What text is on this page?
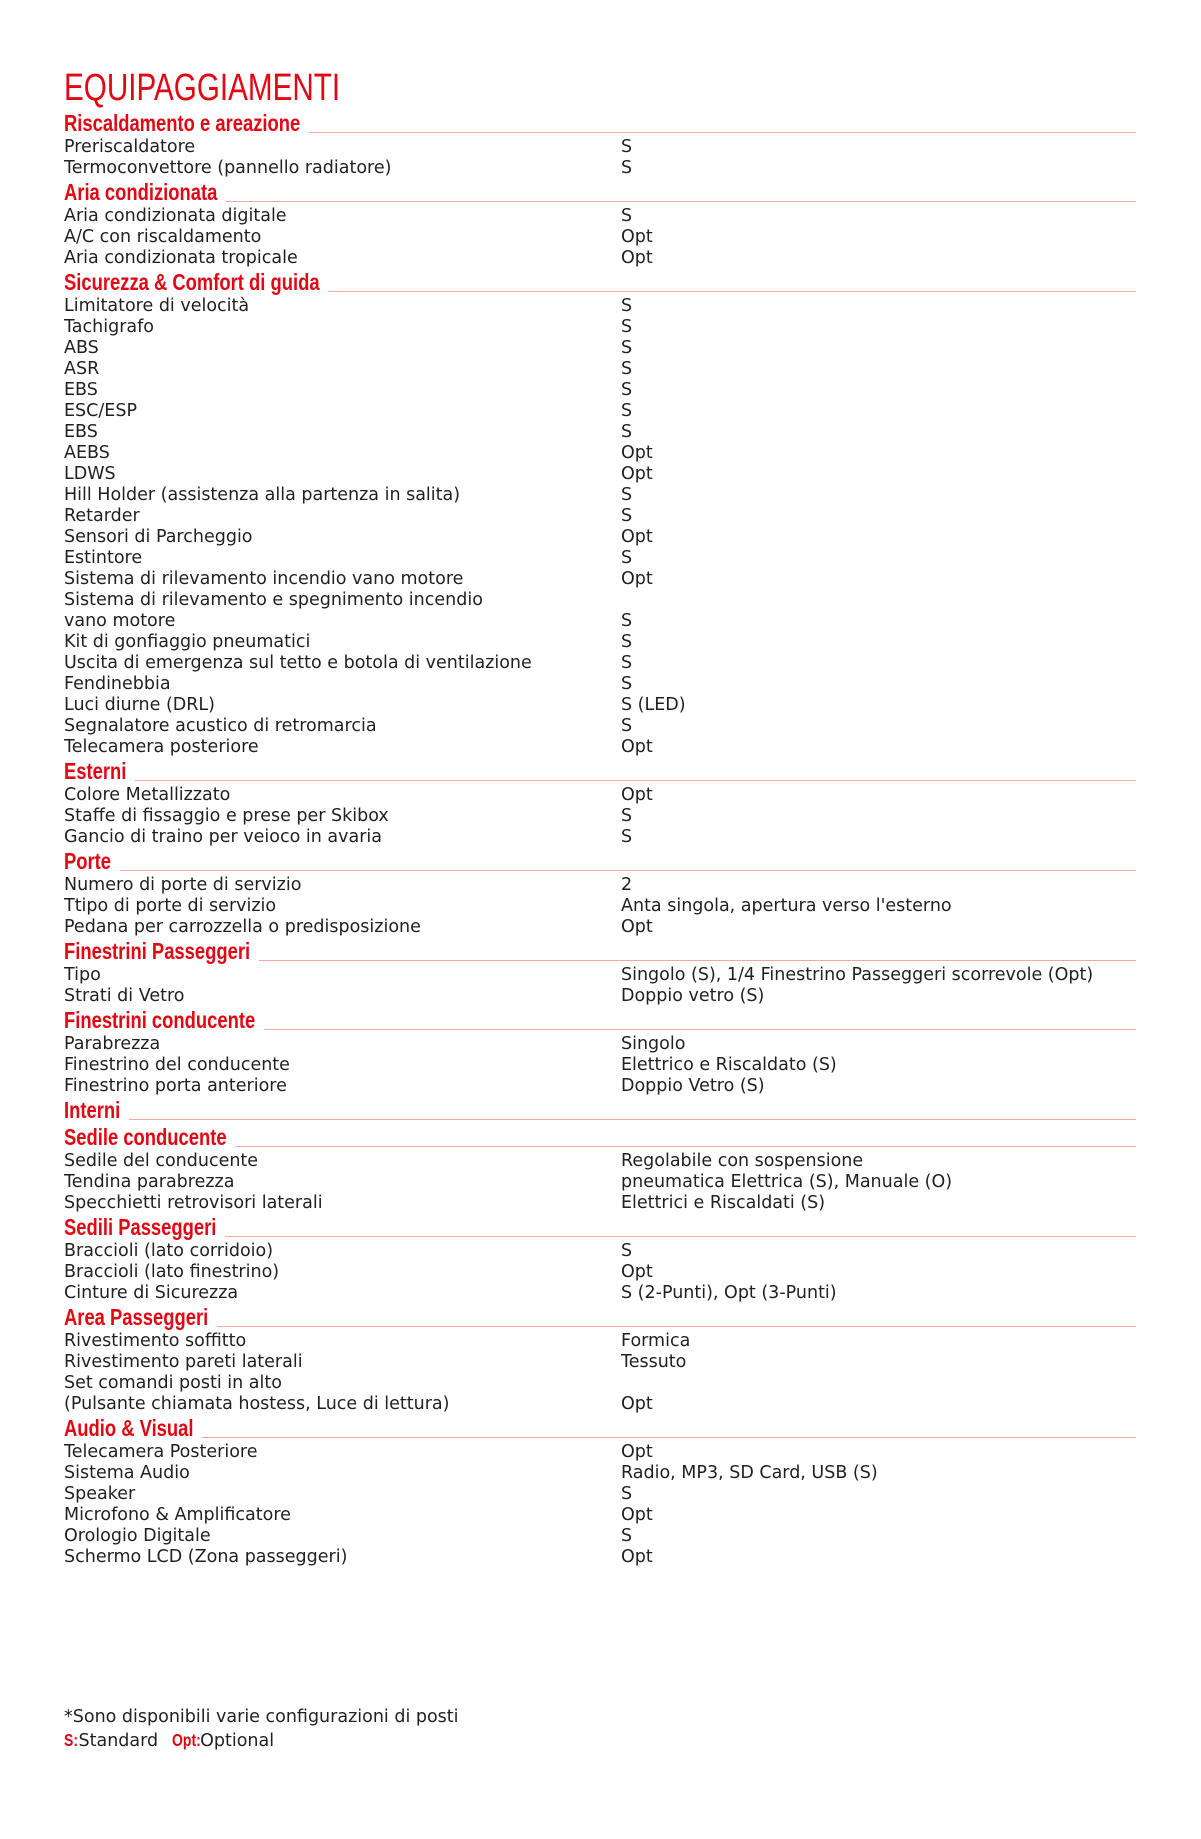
EQUIPAGGIAMENTI
Riscaldamento e areazione
Preriscaldatore	S
Termoconvettore (pannello radiatore)	S
Aria condizionata
Aria condizionata digitale	S
A/C con riscaldamento	Opt
Aria condizionata tropicale	Opt
Sicurezza & Comfort di guida
Limitatore di velocità	S
Tachigrafo	S
ABS	S
ASR	S
EBS	S
ESC/ESP	S
EBS	S
AEBS	Opt
LDWS	Opt
Hill Holder (assistenza alla partenza in salita)	S
Retarder	S
Sensori di Parcheggio	Opt
Estintore	S
Sistema di rilevamento incendio vano motore	Opt
Sistema di rilevamento e spegnimento incendio
vano motore	S
Kit di gonfiaggio pneumatici	S
Uscita di emergenza sul tetto e botola di ventilazione	S
Fendinebbia	S
Luci diurne (DRL)	S (LED)
Segnalatore acustico di retromarcia	S
Telecamera posteriore	Opt
Esterni
Colore Metallizzato	Opt
Staffe di fissaggio e prese per Skibox	S
Gancio di traino per veioco in avaria	S
Porte
Numero di porte di servizio	2
Ttipo di porte di servizio	Anta singola, apertura verso l'esterno
Pedana per carrozzella o predisposizione	Opt
Finestrini Passeggeri
Tipo	Singolo (S), 1/4 Finestrino Passeggeri scorrevole (Opt)
Strati di Vetro	Doppio vetro (S)
Finestrini conducente
Parabrezza	Singolo
Finestrino del conducente	Elettrico e Riscaldato (S)
Finestrino porta anteriore	Doppio Vetro (S)
Interni
Sedile conducente
Sedile del conducente	Regolabile con sospensione
Tendina parabrezza	pneumatica Elettrica (S), Manuale (O)
Specchietti retrovisori laterali	Elettrici e Riscaldati (S)
Sedili Passeggeri
Braccioli (lato corridoio)	S
Braccioli (lato finestrino)	Opt
Cinture di Sicurezza	S (2-Punti), Opt (3-Punti)
Area Passeggeri
Rivestimento soffitto	Formica
Rivestimento pareti laterali	Tessuto
Set comandi posti in alto
(Pulsante chiamata hostess, Luce di lettura)	Opt
Audio & Visual
Telecamera Posteriore	Opt
Sistema Audio	Radio, MP3, SD Card, USB (S)
Speaker	S
Microfono & Amplificatore	Opt
Orologio Digitale	S
Schermo LCD (Zona passeggeri)	Opt
*Sono disponibili varie configurazioni di posti
S:Standard Opt:Optional
